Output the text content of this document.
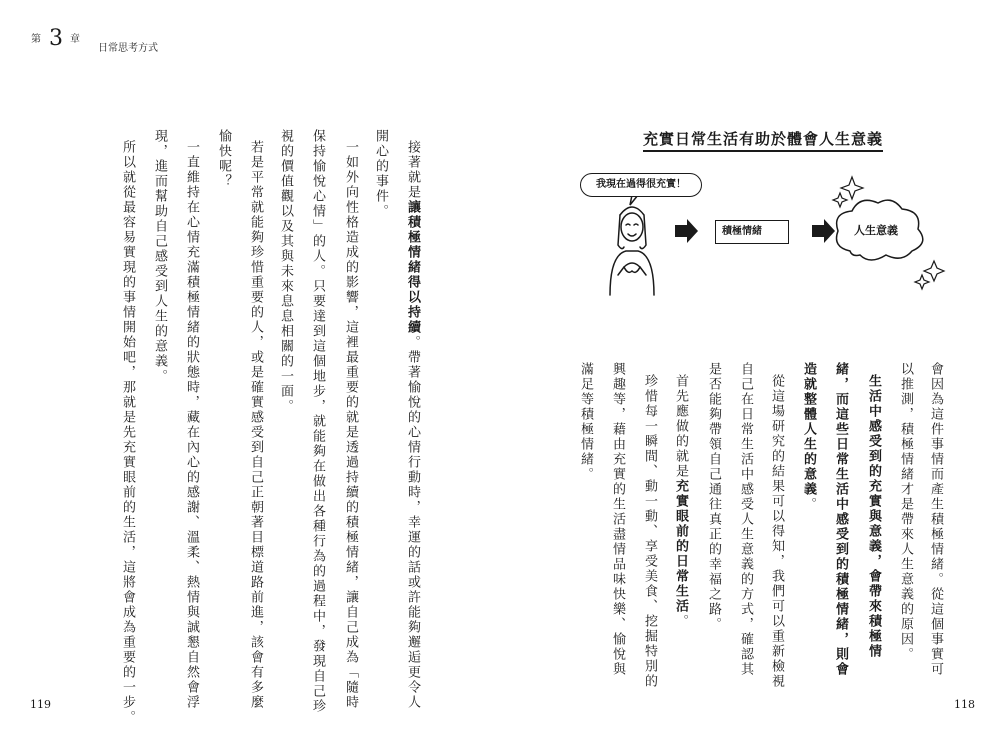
第 3 章
日常思考方式
接著就是讓積極情緒得以持續。帶著愉悅的心情行動時，幸運的話或許能夠邂逅更令人
開心的事件。
一如外向性格造成的影響，這裡最重要的就是透過持續的積極情緒，讓自己成為「隨時
保持愉悅心情」的人。只要達到這個地步，就能夠在做出各種行為的過程中，發現自己珍
視的價值觀以及其與未來息息相關的一面。
若是平常就能夠珍惜重要的人，或是確實感受到自己正朝著目標道路前進，該會有多麼
愉快呢？
一直維持在心情充滿積極情緒的狀態時，藏在內心的感謝、溫柔、熱情與誠懇自然會浮
現，進而幫助自己感受到人生的意義。
所以就從最容易實現的事情開始吧，那就是先充實眼前的生活，這將會成為重要的一步。
119
充實日常生活有助於體會人生意義
我現在過得很充實！
積極情緒	人生意義
會因為這件事情而產生積極情緒。從這個事實可
以推測，積極情緒才是帶來人生意義的原因。
生活中感受到的充實與意義，會帶來積極情
緒，而這些日常生活中感受到的積極情緒，則會
造就整體人生的意義。
從這場研究的結果可以得知，我們可以重新檢視
自己在日常生活中感受人生意義的方式，確認其
是否能夠帶領自己通往真正的幸福之路。
首先應做的就是充實眼前的日常生活。
珍惜每一瞬間、動一動、享受美食、挖掘特別的
興趣等，藉由充實的生活盡情品味快樂、愉悅與
滿足等積極情緒。
118
